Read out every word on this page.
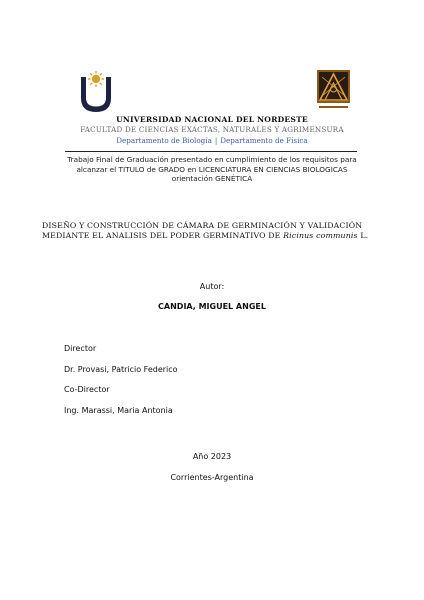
UNIVERSIDAD NACIONAL DEL NORDESTE
FACULTAD DE CIENCIAS EXACTAS, NATURALES Y AGRIMENSURA
Departamento de Biología | Departamento de Física
Trabajo Final de Graduación presentado en cumplimiento de los requisitos para
alcanzar el TITULO de GRADO en LICENCIATURA EN CIENCIAS BIOLOGICAS
orientación GENÉTICA
DISEÑO Y CONSTRUCCIÓN DE CÁMARA DE GERMINACIÓN Y VALIDACIÓN
MEDIANTE EL ANALISIS DEL PODER GERMINATIVO DE Ricinus communis L.
Autor:
CANDIA, MIGUEL ANGEL
Director
Dr. Provasi, Patricio Federico
Co-Director
Ing. Marassi, Maria Antonia
Año 2023
Corrientes-Argentina
